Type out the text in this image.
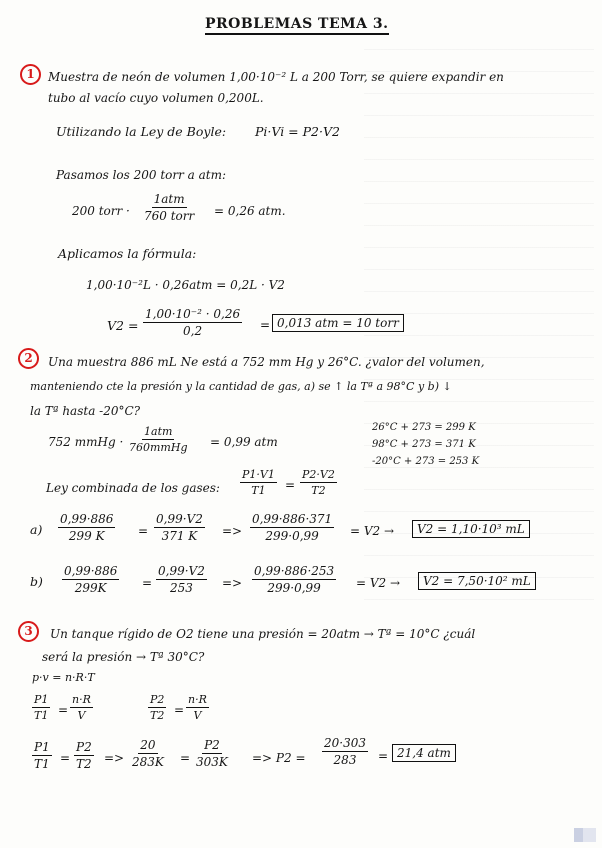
PROBLEMAS TEMA 3.
1	Muestra de neón de volumen 1,00·10⁻² L a 200 Torr, se quiere expandir en
tubo al vacío cuyo volumen 0,200L.
Utilizando la Ley de Boyle: Pi·Vi = P2·V2
Pasamos los 200 torr a atm:
200 torr ·
1atm
760 torr = 0,26 atm.
Aplicamos la fórmula:
1,00·10⁻²L · 0,26atm = 0,2L · V2
$V2 = \frac{\text{1,00·10⁻² · 0,26}}{0,2} = 0,013$ atm = 10 torr
2	Una muestra 886 mL Ne está a 752 mm Hg y 26°C. ¿valor del volumen,
manteniendo cte la presión y la cantidad de gas, a) se ↑ la Tª a 98°C y b) ↓
la Tª hasta -20°C?
752 mmHg ·
1atm
760mmHg = 0,99 atm
26°C + 273 = 299 K
98°C + 273 = 371 K
-20°C + 273 = 253 K
Ley combinada de los gases: $\frac{P1\cdot V1}{T1} = \frac{P2\cdot V2}{T2}$
$a) \frac{0,99\cdot 886}{299 K} = \frac{0,99\cdot V2}{371 K} => \frac{0,99\cdot 886\cdot 371}{299\cdot 0,99} = V2$ →	V2 = 1,10·10³ mL
$b) \frac{0,99\cdot 886}{299K} = \frac{0,99\cdot V2}{253} => \frac{0,99\cdot 886\cdot 253}{299\cdot 0,99} = V2$ →	V2 = 7,50·10² mL
3	Un tanque rígido de O2 tiene una presión = 20atm → Tª = 10°C ¿cuál
será la presión → Tª 30°C?
p·v = n·R·T
$\frac{P1}{T1} = \frac{n\cdot R}{V}$	$\frac{P2}{T2} = \frac{n\cdot R}{V}$
$\frac{P1}{T1} = \frac{P2}{T2} => \frac{20}{283K} = \frac{P2}{303K} => P2 = \frac{20\cdot 303}{283} = 21,4$ atm
